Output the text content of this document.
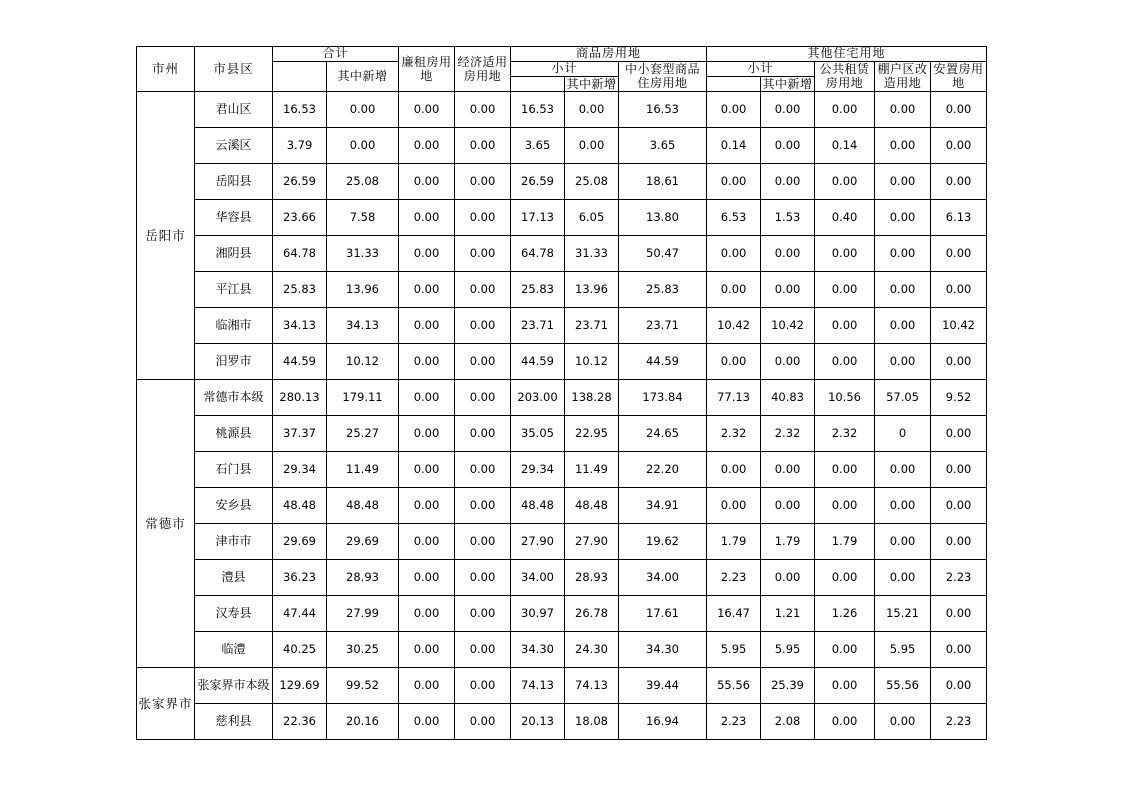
市州	市县区	合计		廉租房用地	经济适用房用地	商品房用地			其他住宅用地				
			其中新增			小计		中小套型商品住房用地	小计		公共租赁房用地	棚户区改造用地	安置房用地
							其中新增			其中新增			
岳阳市	君山区	16.53	0.00	0.00	0.00	16.53	0.00	16.53	0.00	0.00	0.00	0.00	0.00
	云溪区	3.79	0.00	0.00	0.00	3.65	0.00	3.65	0.14	0.00	0.14	0.00	0.00
	岳阳县	26.59	25.08	0.00	0.00	26.59	25.08	18.61	0.00	0.00	0.00	0.00	0.00
	华容县	23.66	7.58	0.00	0.00	17.13	6.05	13.80	6.53	1.53	0.40	0.00	6.13
	湘阴县	64.78	31.33	0.00	0.00	64.78	31.33	50.47	0.00	0.00	0.00	0.00	0.00
	平江县	25.83	13.96	0.00	0.00	25.83	13.96	25.83	0.00	0.00	0.00	0.00	0.00
	临湘市	34.13	34.13	0.00	0.00	23.71	23.71	23.71	10.42	10.42	0.00	0.00	10.42
	汨罗市	44.59	10.12	0.00	0.00	44.59	10.12	44.59	0.00	0.00	0.00	0.00	0.00
常德市	常德市本级	280.13	179.11	0.00	0.00	203.00	138.28	173.84	77.13	40.83	10.56	57.05	9.52
	桃源县	37.37	25.27	0.00	0.00	35.05	22.95	24.65	2.32	2.32	2.32	0	0.00
	石门县	29.34	11.49	0.00	0.00	29.34	11.49	22.20	0.00	0.00	0.00	0.00	0.00
	安乡县	48.48	48.48	0.00	0.00	48.48	48.48	34.91	0.00	0.00	0.00	0.00	0.00
	津市市	29.69	29.69	0.00	0.00	27.90	27.90	19.62	1.79	1.79	1.79	0.00	0.00
	澧县	36.23	28.93	0.00	0.00	34.00	28.93	34.00	2.23	0.00	0.00	0.00	2.23
	汉寿县	47.44	27.99	0.00	0.00	30.97	26.78	17.61	16.47	1.21	1.26	15.21	0.00
	临澧	40.25	30.25	0.00	0.00	34.30	24.30	34.30	5.95	5.95	0.00	5.95	0.00
张家界市	张家界市本级	129.69	99.52	0.00	0.00	74.13	74.13	39.44	55.56	25.39	0.00	55.56	0.00
	慈利县	22.36	20.16	0.00	0.00	20.13	18.08	16.94	2.23	2.08	0.00	0.00	2.23
